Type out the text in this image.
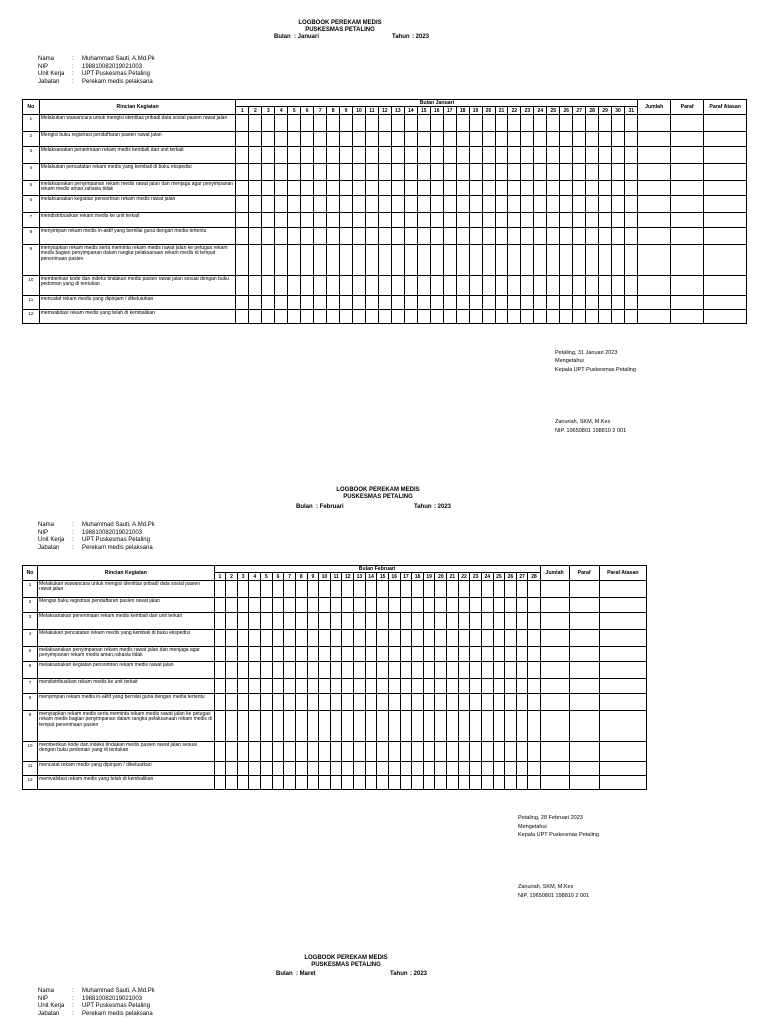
LOGBOOK PEREKAM MEDIS
PUSKESMAS PETALING
Bulan : Januari	Tahun : 2023
Nama	:	Muhammad Sauti, A.Md.Pk
NIP	:	198810082019021003
Unit Kerja	:	UPT Puskesmas Petaling
Jabatan	:	Perekam medis pelaksana
No	Rincian Kegiatan	Bulan Januari																															Jumlah	Paraf	Paraf Atasan
		1	2	3	4	5	6	7	8	9	10	11	12	13	14	15	16	17	18	19	20	21	22	23	24	25	26	27	28	29	30	31			
1	Melakukan wawancara untuk mengisi identitas pribadi data sosial pasien rawat jalan																																		
2	Mengisi buku registrasi pendaftaran pasien rawat jalan																																		
3	Melaksanakan penerimaan rekam medis kembali dari unit terkait																																		
4	Melakukan pencatatan rekam medis yang kembali di buku ekspedisi																																		
5	melaksanakan penyimpanan rekam medis rawat jalan dan menjaga agar penyimpanan rekam medis aman,rahasia tidak																																		
6	melaksanakan kegiatan pensortiran rekam medis rawat jalan																																		
7	mendistribusikan rekam medis ke unit terkait																																		
8	menyimpan rekam medis in-aktif yang bernilai guna dengan media tertentu																																		
9	menyiapkan rekam medis serta meminta rekam medis rawat jalan ke petugas rekam medis bagian penyimpanan dalam rangka pelaksanaan rekam medis di tempat penerimaan pasien																																		
10	memberikan kode dan indeks tindakan medis pasien rawat jalan sesuai dengan buku pedoman yang di tentukan																																		
11	mencatat rekam medis yang dipinjam / dikeluarkan																																		
12	memvalidasi rekam medis yang telah di kembalikan																																		
Petaling, 31 Januari 2023
Mengetahui
Kepala UPT Puskesmas Petaling
Zanuriah, SKM, M.Kes
NIP. 19650801 198810 2 001
LOGBOOK PEREKAM MEDIS
PUSKESMAS PETALING
Bulan : Februari	Tahun : 2023
Nama	:	Muhammad Sauti, A.Md.Pk
NIP	:	198810082019021003
Unit Kerja	:	UPT Puskesmas Petaling
Jabatan	:	Perekam medis pelaksana
No	Rincian Kegiatan	Bulan Februari																												Jumlah	Paraf	Paraf Atasan
		1	2	3	4	5	6	7	8	9	10	11	12	13	14	15	16	17	18	19	20	21	22	23	24	25	26	27	28			
1	Melakukan wawancara untuk mengisi identitas pribadi data sosial pasien rawat jalan																															
2	Mengisi buku registrasi pendaftaran pasien rawat jalan																															
3	Melaksanakan penerimaan rekam medis kembali dari unit terkait																															
4	Melakukan pencatatan rekam medis yang kembali di buku ekspedisi																															
5	melaksanakan penyimpanan rekam medis rawat jalan dan menjaga agar penyimpanan rekam medis aman,rahasia tidak																															
6	melaksanakan kegiatan pensortiran rekam medis rawat jalan																															
7	mendistribusikan rekam medis ke unit terkait																															
8	menyimpan rekam medis in-aktif yang bernilai guna dengan media tertentu																															
9	menyiapkan rekam medis serta meminta rekam medis rawat jalan ke petugas rekam medis bagian penyimpanan dalam rangka pelaksanaan rekam medis di tempat penerimaan pasien																															
10	memberikan kode dan indeks tindakan medis pasien rawat jalan sesuai dengan buku pedoman yang di tentukan																															
11	mencatat rekam medis yang dipinjam / dikeluarkan																															
12	memvalidasi rekam medis yang telah di kembalikan																															
Petaling, 28 Februari 2023
Mengetahui
Kepala UPT Puskesmas Petaling
Zanuriah, SKM, M.Kes
NIP. 19650801 198810 2 001
LOGBOOK PEREKAM MEDIS
PUSKESMAS PETALING
Bulan : Maret	Tahun : 2023
Nama	:	Muhammad Sauti, A.Md.Pk
NIP	:	198810082019021003
Unit Kerja	:	UPT Puskesmas Petaling
Jabatan	:	Perekam medis pelaksana
